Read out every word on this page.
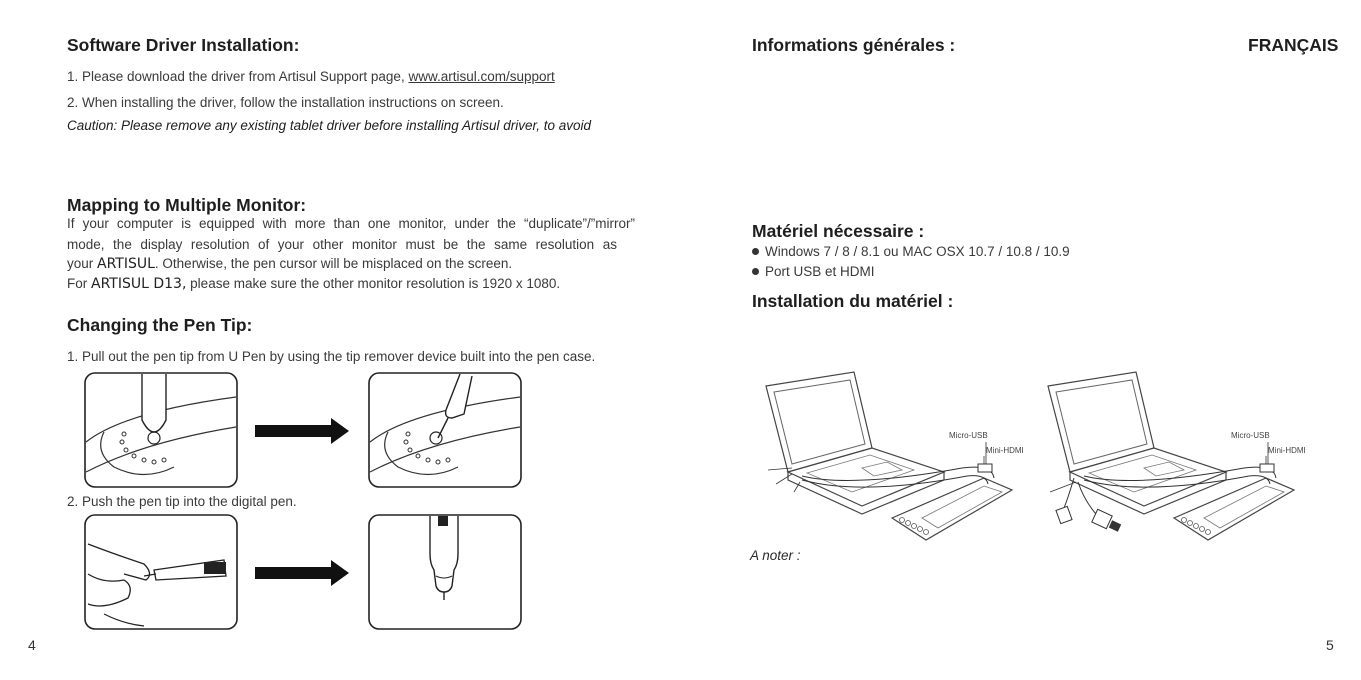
Software Driver Installation:
1. Please download the driver from Artisul Support page, www.artisul.com/support
2. When installing the driver, follow the installation instructions on screen.
Caution: Please remove any existing tablet driver before installing Artisul driver, to avoid
Mapping to Multiple Monitor:
If your computer is equipped with more than one monitor, under the “duplicate”/”mirror”
mode, the display resolution of your other monitor must be the same resolution as
your ARTISUL. Otherwise, the pen cursor will be misplaced on the screen.
For ARTISUL D13, please make sure the other monitor resolution is 1920 x 1080.
Changing the Pen Tip:
1. Pull out the pen tip from U Pen by using the tip remover device built into the pen case.
2. Push the pen tip into the digital pen.
4
Informations générales :	FRANÇAIS
Matériel nécessaire :
Windows 7 / 8 / 8.1 ou MAC OSX 10.7 / 10.8 / 10.9
Port USB et HDMI
Installation du matériel :
Micro-USB
Mini-HDMI
Micro-USB
Mini-HDMI
A noter :
5
